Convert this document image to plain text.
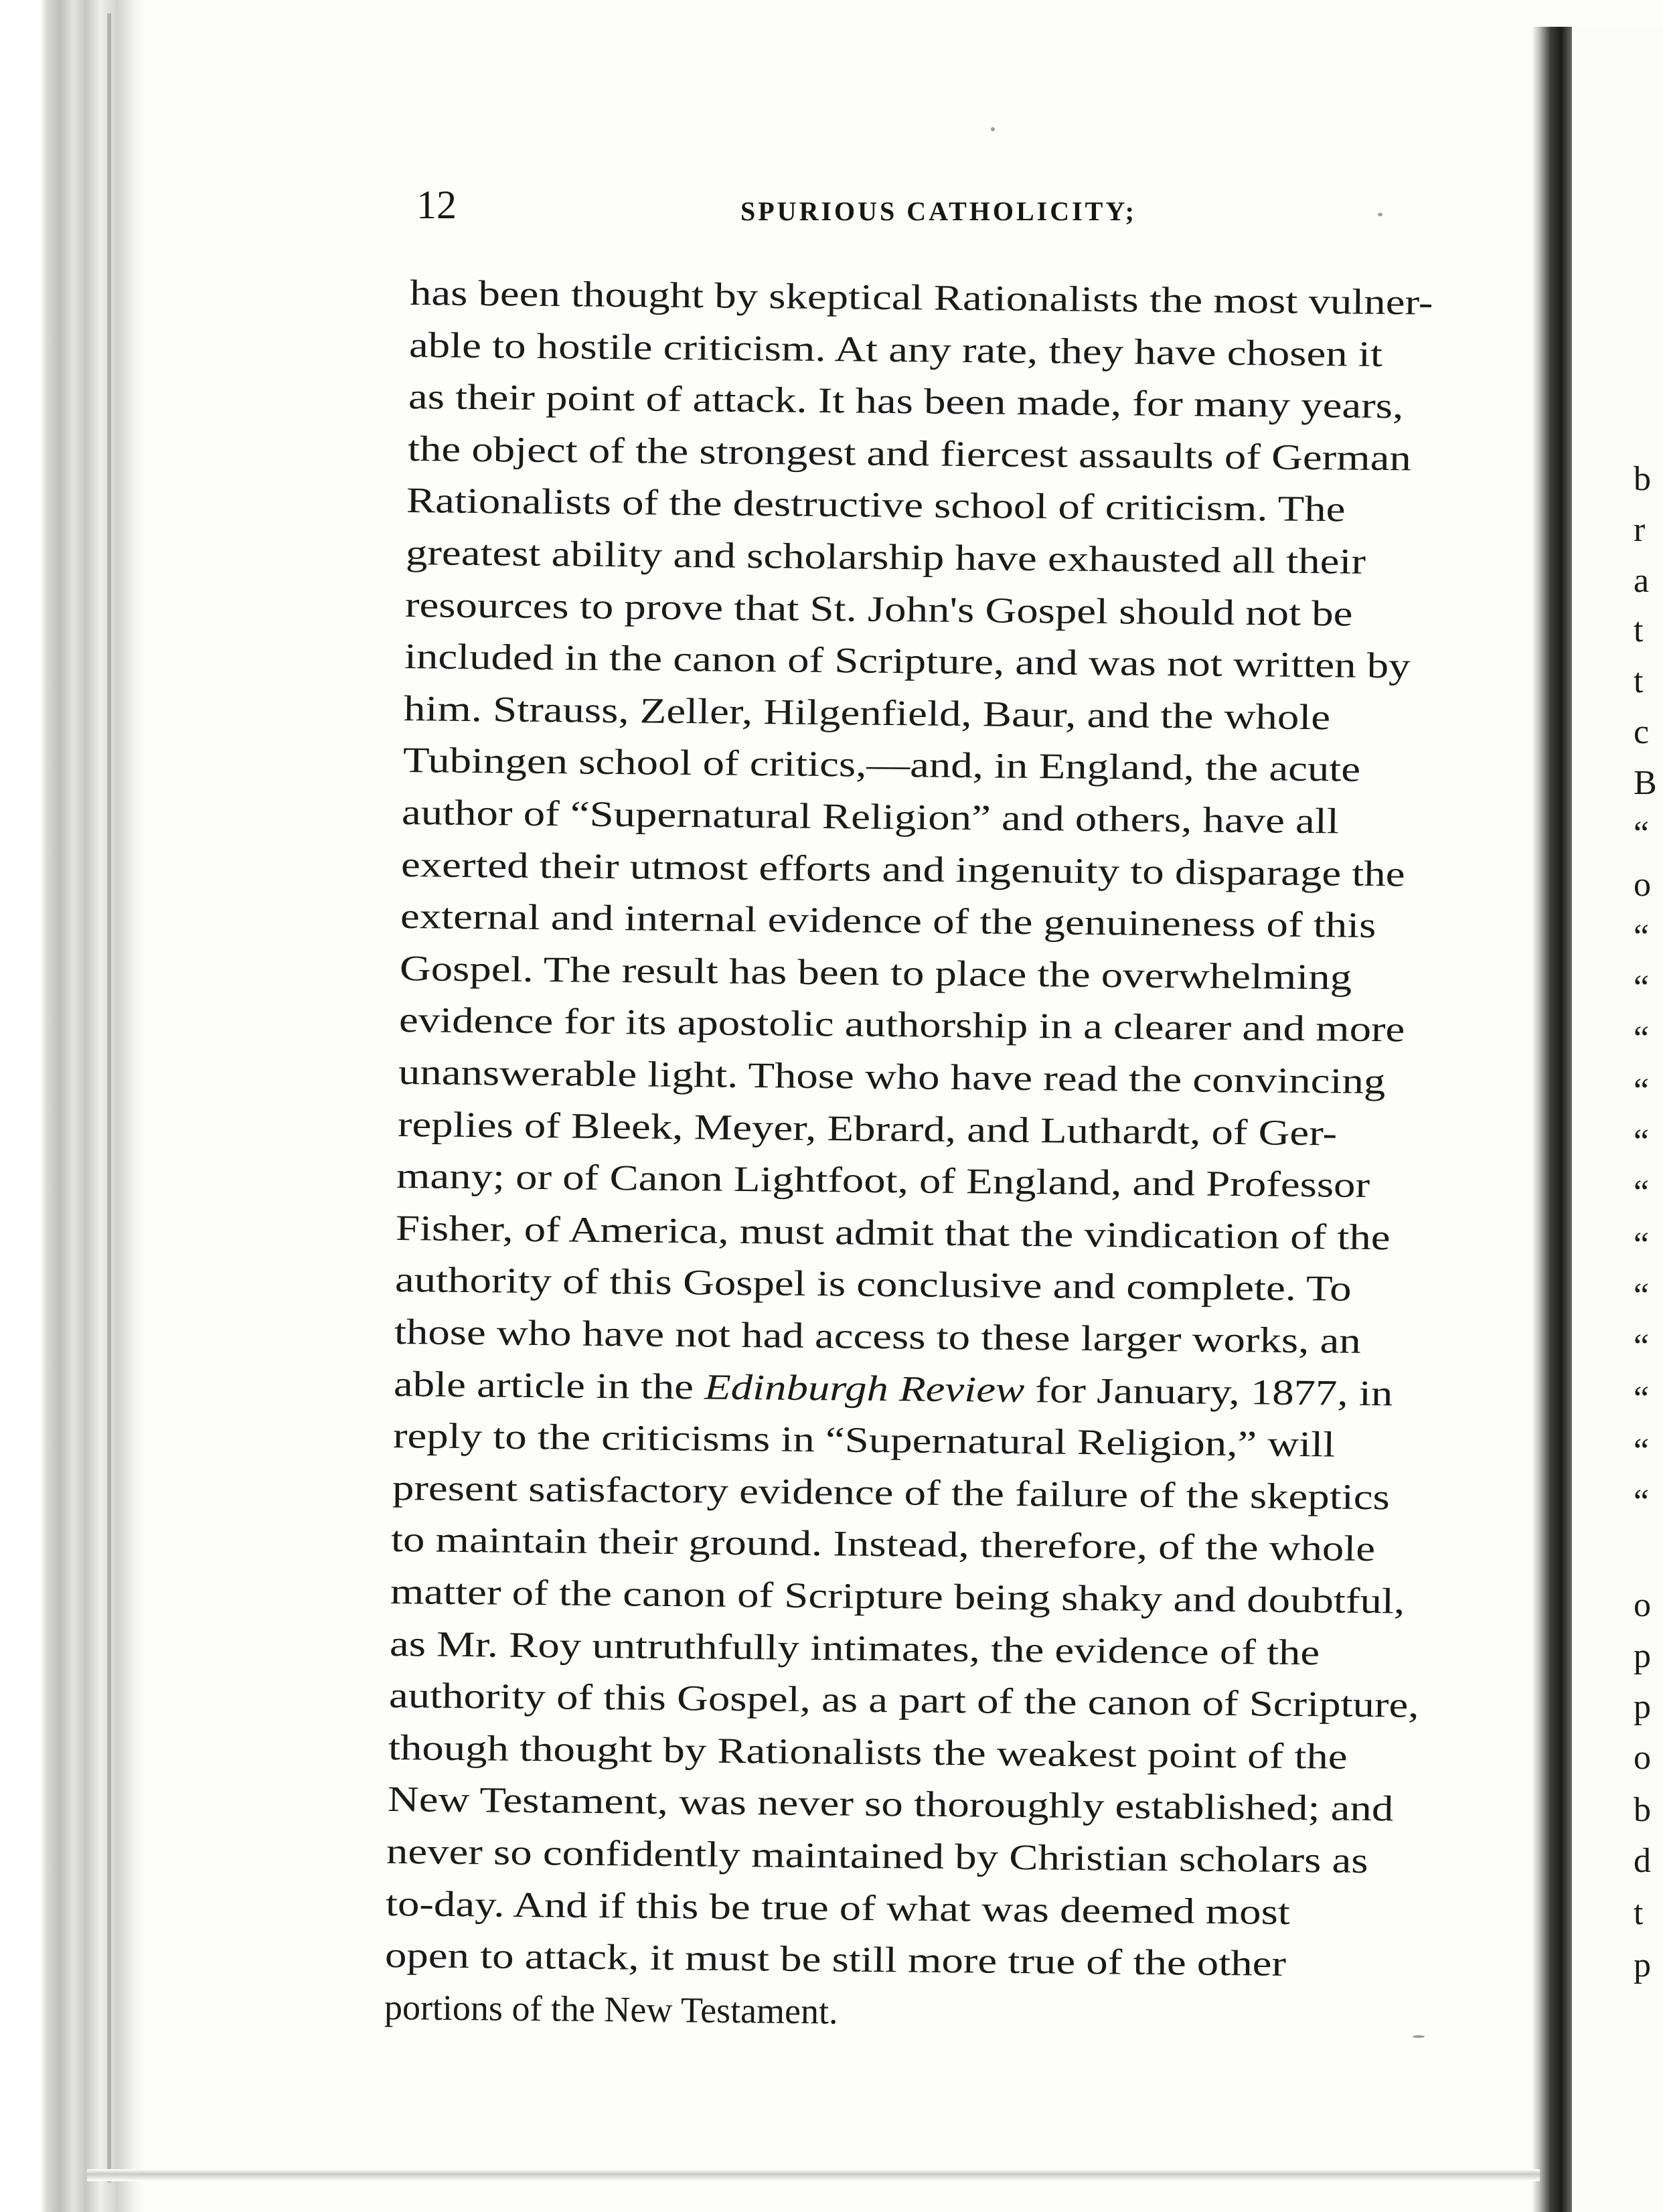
b
r
a
t
t
c
B
“
o
“
“
“
“
“
“
“
“
“
“
“
“
o
p
p
o
b
d
t
p
12	SPURIOUS CATHOLICITY;
has been thought by skeptical Rationalists the most vulner-
able to hostile criticism. At any rate, they have chosen it
as their point of attack. It has been made, for many years,
the object of the strongest and fiercest assaults of German
Rationalists of the destructive school of criticism. The
greatest ability and scholarship have exhausted all their
resources to prove that St. John's Gospel should not be
included in the canon of Scripture, and was not written by
him. Strauss, Zeller, Hilgenfield, Baur, and the whole
Tubingen school of critics,—and, in England, the acute
author of “Supernatural Religion” and others, have all
exerted their utmost efforts and ingenuity to disparage the
external and internal evidence of the genuineness of this
Gospel. The result has been to place the overwhelming
evidence for its apostolic authorship in a clearer and more
unanswerable light. Those who have read the convincing
replies of Bleek, Meyer, Ebrard, and Luthardt, of Ger-
many; or of Canon Lightfoot, of England, and Professor
Fisher, of America, must admit that the vindication of the
authority of this Gospel is conclusive and complete. To
those who have not had access to these larger works, an
able article in the Edinburgh Review for January, 1877, in
reply to the criticisms in “Supernatural Religion,” will
present satisfactory evidence of the failure of the skeptics
to maintain their ground. Instead, therefore, of the whole
matter of the canon of Scripture being shaky and doubtful,
as Mr. Roy untruthfully intimates, the evidence of the
authority of this Gospel, as a part of the canon of Scripture,
though thought by Rationalists the weakest point of the
New Testament, was never so thoroughly established; and
never so confidently maintained by Christian scholars as
to-day. And if this be true of what was deemed most
open to attack, it must be still more true of the other
portions of the New Testament.
